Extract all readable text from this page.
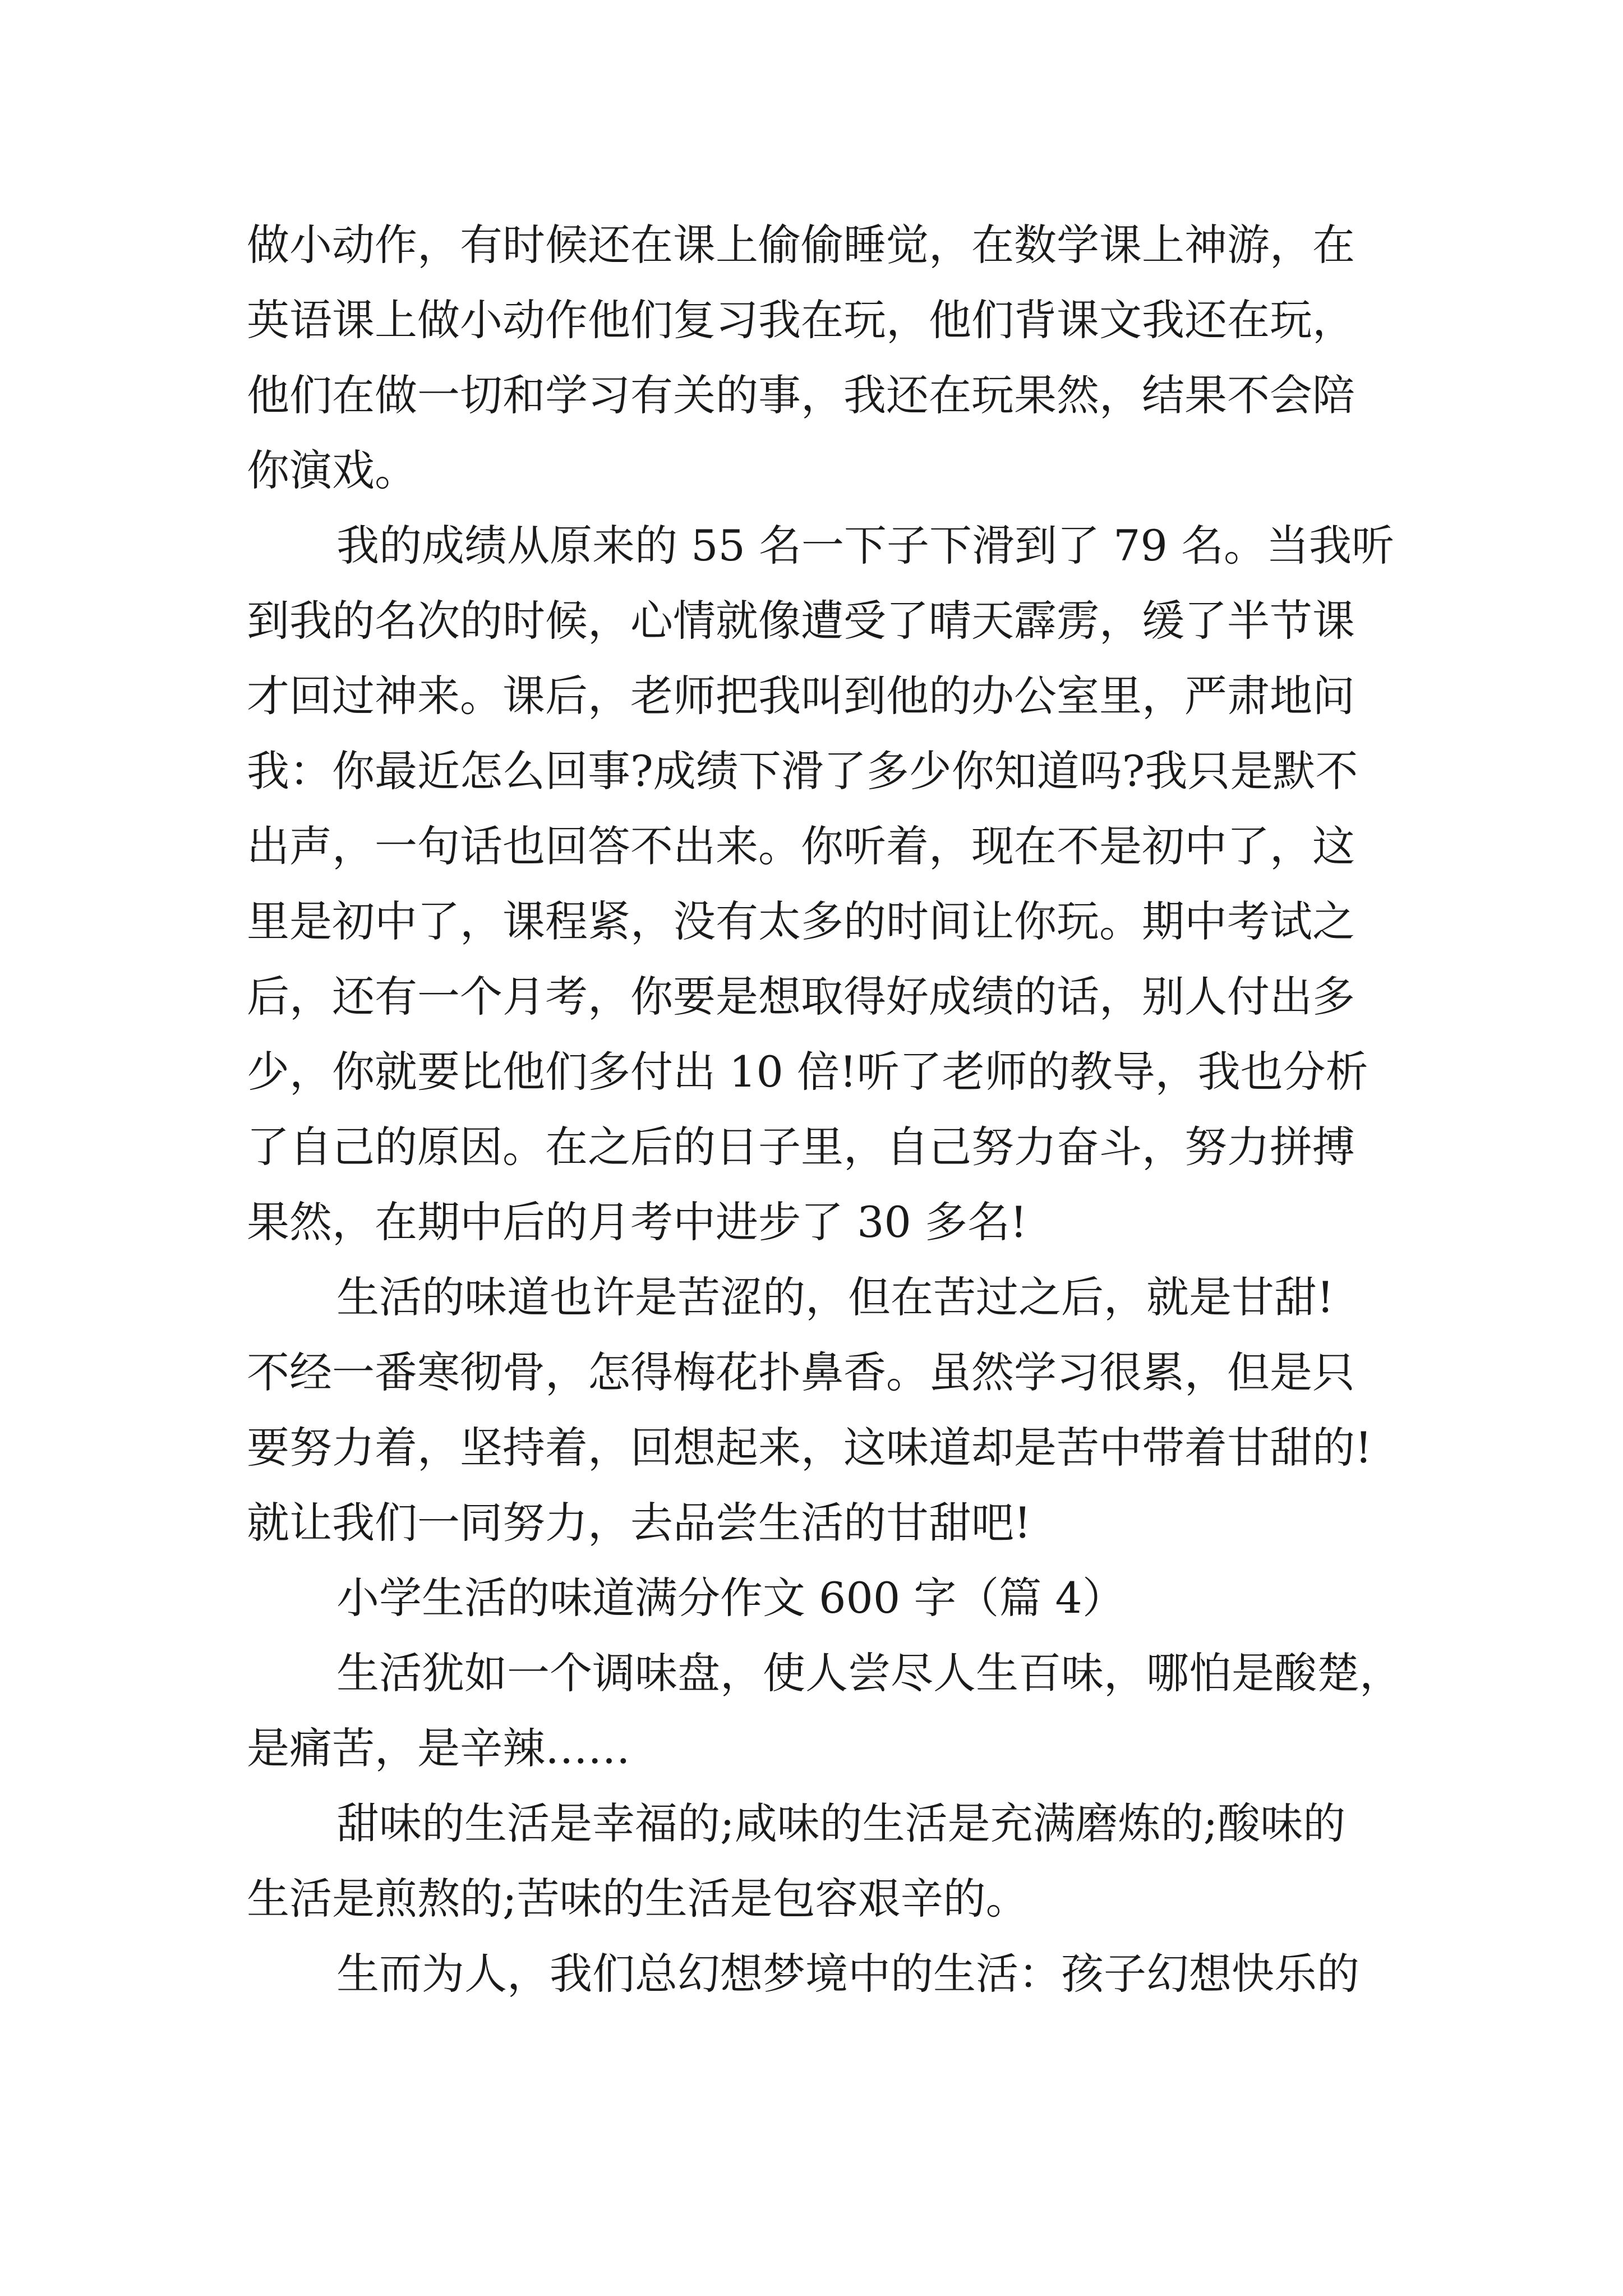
做小动作，有时候还在课上偷偷睡觉，在数学课上神游，在
英语课上做小动作他们复习我在玩，他们背课文我还在玩，
他们在做一切和学习有关的事，我还在玩果然，结果不会陪
你演戏。
我的成绩从原来的 55 名一下子下滑到了 79 名。当我听
到我的名次的时候，心情就像遭受了晴天霹雳，缓了半节课
才回过神来。课后，老师把我叫到他的办公室里，严肃地问
我：你最近怎么回事?成绩下滑了多少你知道吗?我只是默不
出声，一句话也回答不出来。你听着，现在不是初中了，这
里是初中了，课程紧，没有太多的时间让你玩。期中考试之
后，还有一个月考，你要是想取得好成绩的话，别人付出多
少，你就要比他们多付出 10 倍!听了老师的教导，我也分析
了自己的原因。在之后的日子里，自己努力奋斗，努力拼搏
果然，在期中后的月考中进步了 30 多名!
生活的味道也许是苦涩的，但在苦过之后，就是甘甜!
不经一番寒彻骨，怎得梅花扑鼻香。虽然学习很累，但是只
要努力着，坚持着，回想起来，这味道却是苦中带着甘甜的!
就让我们一同努力，去品尝生活的甘甜吧!
小学生活的味道满分作文 600 字（篇 4）
生活犹如一个调味盘，使人尝尽人生百味，哪怕是酸楚，
是痛苦，是辛辣……
甜味的生活是幸福的;咸味的生活是充满磨炼的;酸味的
生活是煎熬的;苦味的生活是包容艰辛的。
生而为人，我们总幻想梦境中的生活：孩子幻想快乐的
